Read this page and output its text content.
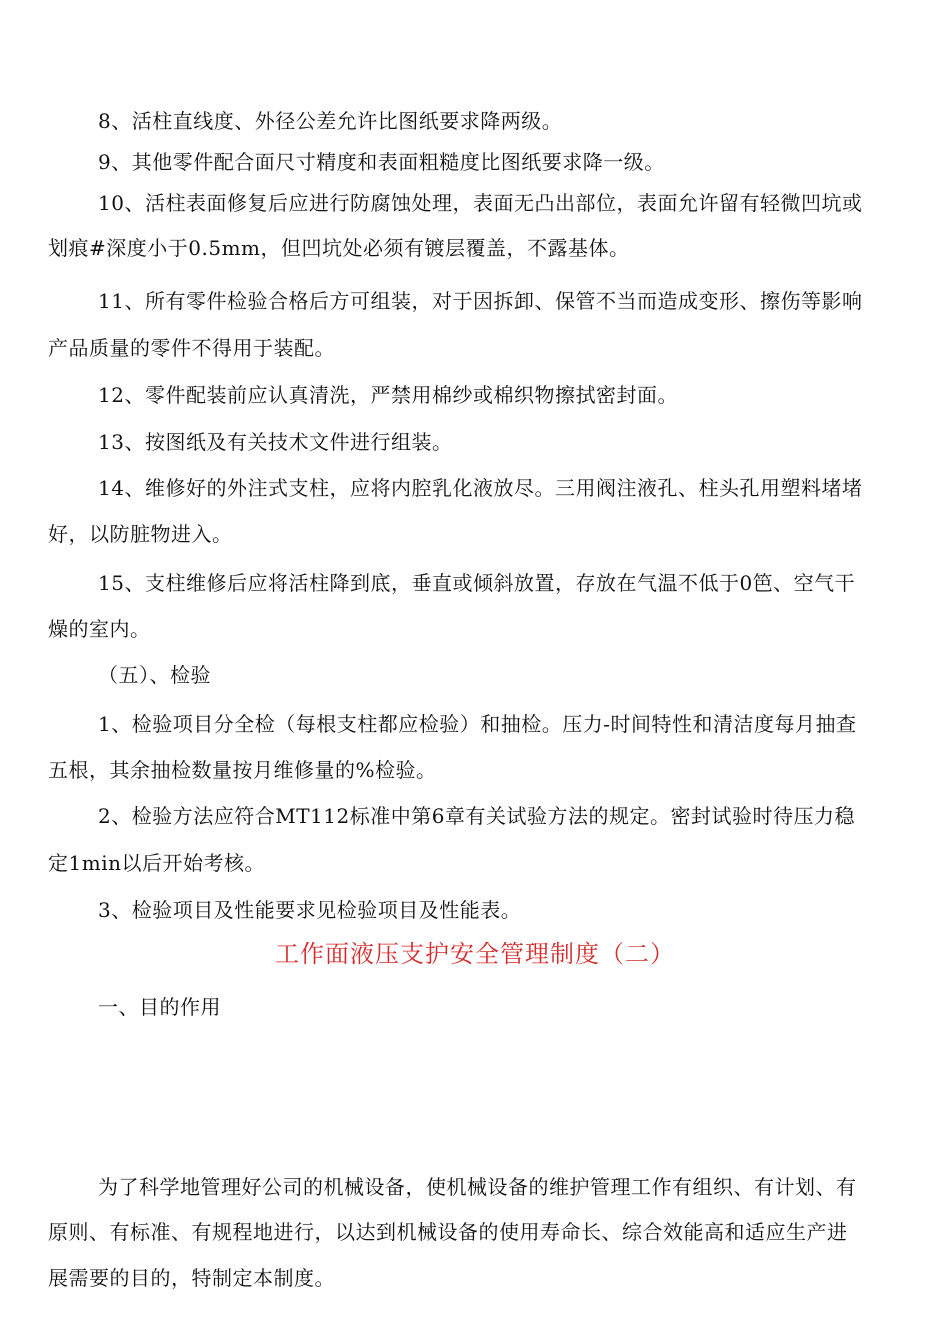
8、活柱直线度、外径公差允许比图纸要求降两级。
9、其他零件配合面尺寸精度和表面粗糙度比图纸要求降一级。
10、活柱表面修复后应进行防腐蚀处理，表面无凸出部位，表面允许留有轻微凹坑或
划痕#深度小于0.5mm，但凹坑处必须有镀层覆盖，不露基体。
11、所有零件检验合格后方可组装，对于因拆卸、保管不当而造成变形、擦伤等影响
产品质量的零件不得用于装配。
12、零件配装前应认真清洗，严禁用棉纱或棉织物擦拭密封面。
13、按图纸及有关技术文件进行组装。
14、维修好的外注式支柱，应将内腔乳化液放尽。三用阀注液孔、柱头孔用塑料堵堵
好，以防脏物进入。
15、支柱维修后应将活柱降到底，垂直或倾斜放置，存放在气温不低于0笆、空气干
燥的室内。
（五）、检验
1、检验项目分全检（每根支柱都应检验）和抽检。压力-时间特性和清洁度每月抽查
五根，其余抽检数量按月维修量的%检验。
2、检验方法应符合MT112标准中第6章有关试验方法的规定。密封试验时待压力稳
定1min以后开始考核。
3、检验项目及性能要求见检验项目及性能表。
工作面液压支护安全管理制度（二）
一、目的作用
为了科学地管理好公司的机械设备，使机械设备的维护管理工作有组织、有计划、有
原则、有标准、有规程地进行，以达到机械设备的使用寿命长、综合效能高和适应生产进
展需要的目的，特制定本制度。
